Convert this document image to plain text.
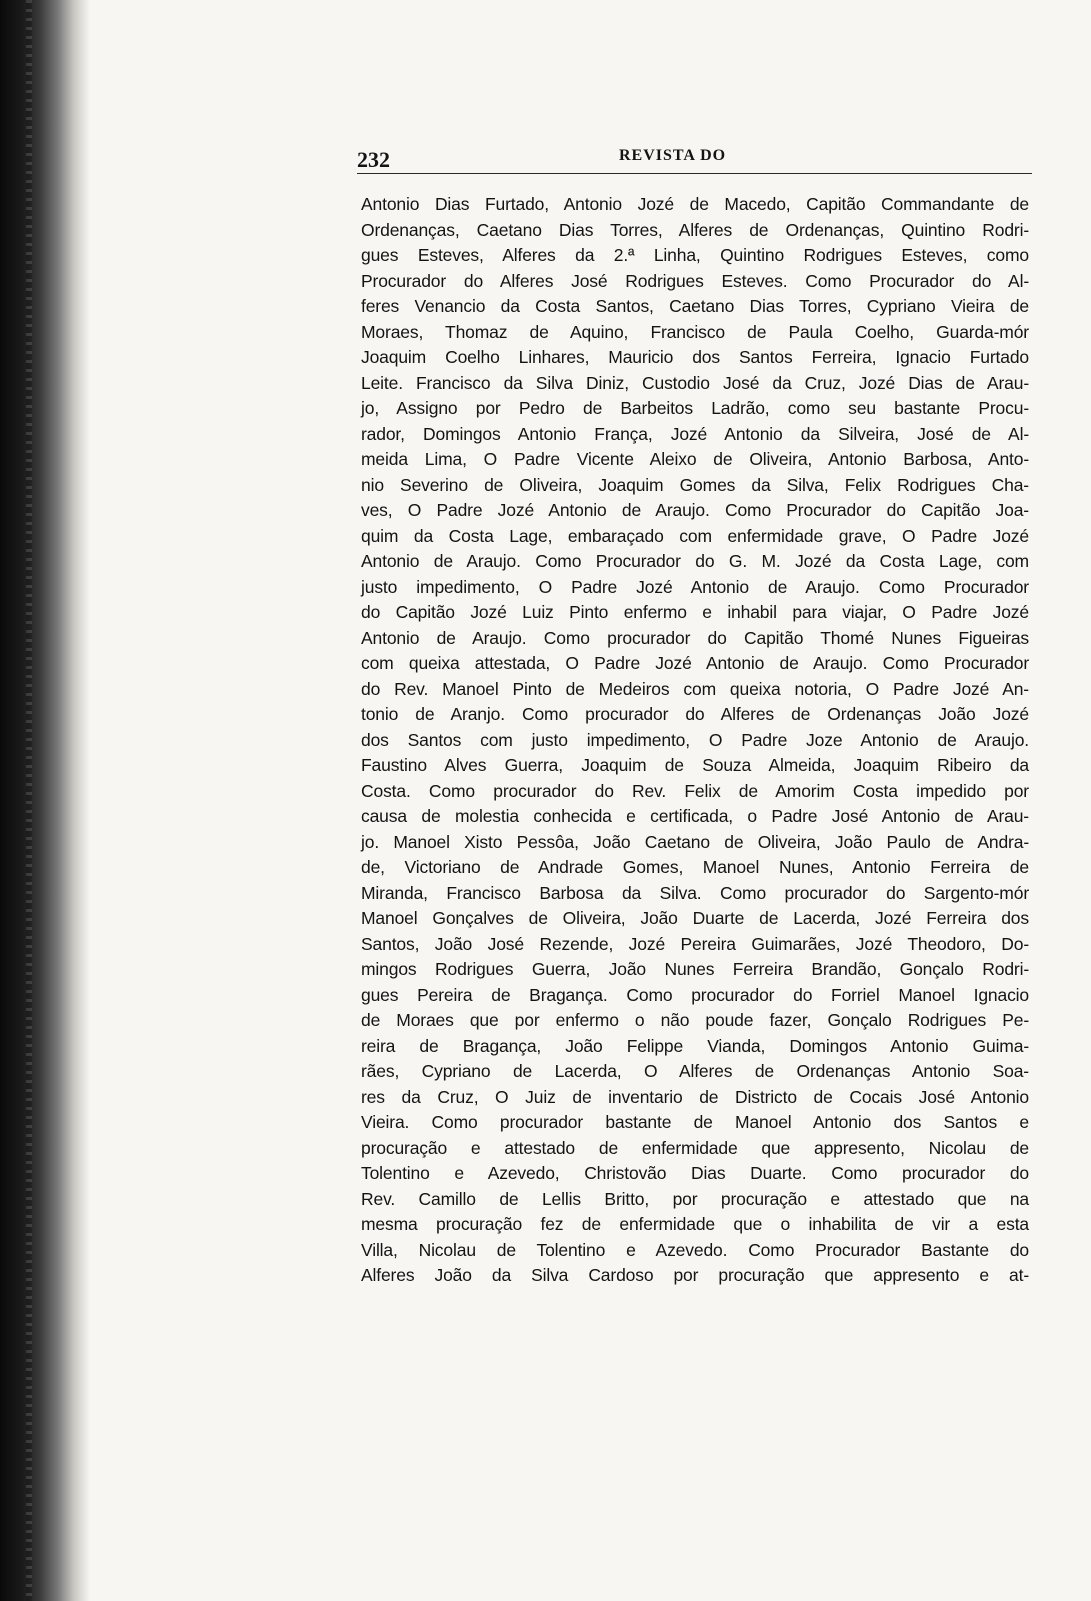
232	REVISTA DO
Antonio Dias Furtado, Antonio Jozé de Macedo, Capitão Commandante de
Ordenanças, Caetano Dias Torres, Alferes de Ordenanças, Quintino Rodri-
gues Esteves, Alferes da 2.ª Linha, Quintino Rodrigues Esteves, como
Procurador do Alferes José Rodrigues Esteves. Como Procurador do Al-
feres Venancio da Costa Santos, Caetano Dias Torres, Cypriano Vieira de
Moraes, Thomaz de Aquino, Francisco de Paula Coelho, Guarda-mór
Joaquim Coelho Linhares, Mauricio dos Santos Ferreira, Ignacio Furtado
Leite. Francisco da Silva Diniz, Custodio José da Cruz, Jozé Dias de Arau-
jo, Assigno por Pedro de Barbeitos Ladrão, como seu bastante Procu-
rador, Domingos Antonio França, Jozé Antonio da Silveira, José de Al-
meida Lima, O Padre Vicente Aleixo de Oliveira, Antonio Barbosa, Anto-
nio Severino de Oliveira, Joaquim Gomes da Silva, Felix Rodrigues Cha-
ves, O Padre Jozé Antonio de Araujo. Como Procurador do Capitão Joa-
quim da Costa Lage, embaraçado com enfermidade grave, O Padre Jozé
Antonio de Araujo. Como Procurador do G. M. Jozé da Costa Lage, com
justo impedimento, O Padre Jozé Antonio de Araujo. Como Procurador
do Capitão Jozé Luiz Pinto enfermo e inhabil para viajar, O Padre Jozé
Antonio de Araujo. Como procurador do Capitão Thomé Nunes Figueiras
com queixa attestada, O Padre Jozé Antonio de Araujo. Como Procurador
do Rev. Manoel Pinto de Medeiros com queixa notoria, O Padre Jozé An-
tonio de Aranjo. Como procurador do Alferes de Ordenanças João Jozé
dos Santos com justo impedimento, O Padre Joze Antonio de Araujo.
Faustino Alves Guerra, Joaquim de Souza Almeida, Joaquim Ribeiro da
Costa. Como procurador do Rev. Felix de Amorim Costa impedido por
causa de molestia conhecida e certificada, o Padre José Antonio de Arau-
jo. Manoel Xisto Pessôa, João Caetano de Oliveira, João Paulo de Andra-
de, Victoriano de Andrade Gomes, Manoel Nunes, Antonio Ferreira de
Miranda, Francisco Barbosa da Silva. Como procurador do Sargento-mór
Manoel Gonçalves de Oliveira, João Duarte de Lacerda, Jozé Ferreira dos
Santos, João José Rezende, Jozé Pereira Guimarães, Jozé Theodoro, Do-
mingos Rodrigues Guerra, João Nunes Ferreira Brandão, Gonçalo Rodri-
gues Pereira de Bragança. Como procurador do Forriel Manoel Ignacio
de Moraes que por enfermo o não poude fazer, Gonçalo Rodrigues Pe-
reira de Bragança, João Felippe Vianda, Domingos Antonio Guima-
rães, Cypriano de Lacerda, O Alferes de Ordenanças Antonio Soa-
res da Cruz, O Juiz de inventario de Districto de Cocais José Antonio
Vieira. Como procurador bastante de Manoel Antonio dos Santos e
procuração e attestado de enfermidade que appresento, Nicolau de
Tolentino e Azevedo, Christovão Dias Duarte. Como procurador do
Rev. Camillo de Lellis Britto, por procuração e attestado que na
mesma procuração fez de enfermidade que o inhabilita de vir a esta
Villa, Nicolau de Tolentino e Azevedo. Como Procurador Bastante do
Alferes João da Silva Cardoso por procuração que appresento e at-
